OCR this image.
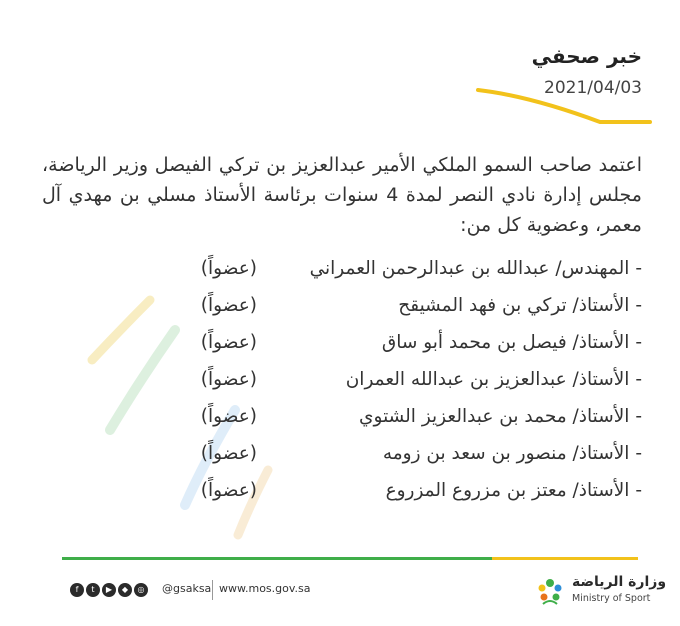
خبر صحفي
2021/04/03
اعتمد صاحب السمو الملكي الأمير عبدالعزيز بن تركي الفيصل وزير الرياضة، مجلس إدارة نادي النصر لمدة 4 سنوات برئاسة الأستاذ مسلي بن مهدي آل معمر، وعضوية كل من:
- المهندس/ عبدالله بن عبدالرحمن العمراني
(عضواً)
- الأستاذ/ تركي بن فهد المشيقح
(عضواً)
- الأستاذ/ فيصل بن محمد أبو ساق
(عضواً)
- الأستاذ/ عبدالعزيز بن عبدالله العمران
(عضواً)
- الأستاذ/ محمد بن عبدالعزيز الشتوي
(عضواً)
- الأستاذ/ منصور بن سعد بن زومه
(عضواً)
- الأستاذ/ معتز بن مزروع المزروع
(عضواً)
f	t	▶	◆	◎	@gsaksa www.mos.gov.sa	وزارة الرياضة
Ministry of Sport
